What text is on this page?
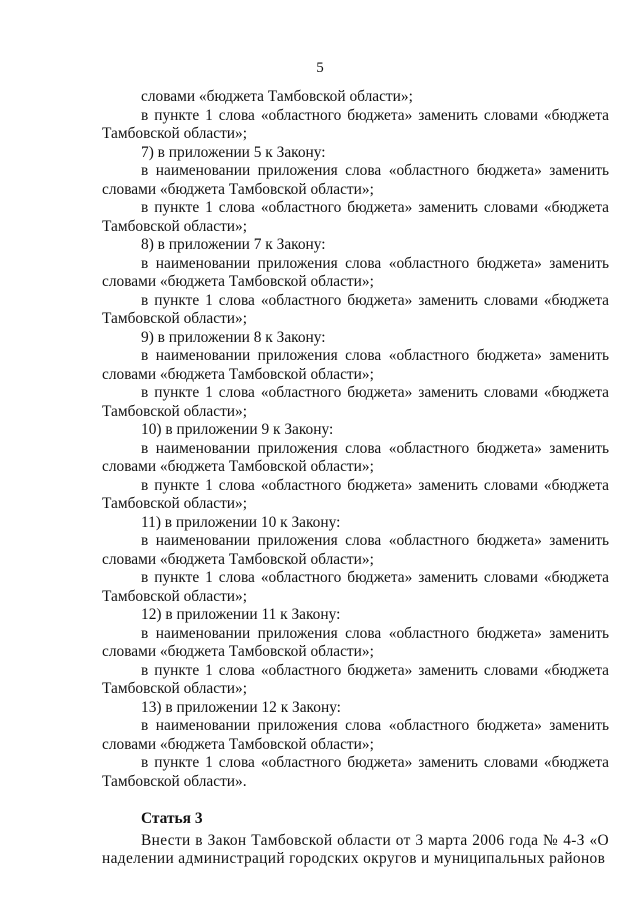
5

словами «бюджета Тамбовской области»;

в пункте 1 слова «областного бюджета» заменить словами «бюджета Тамбовской области»;

7) в приложении 5 к Закону:

в наименовании приложения слова «областного бюджета» заменить словами «бюджета Тамбовской области»;

в пункте 1 слова «областного бюджета» заменить словами «бюджета Тамбовской области»;

8) в приложении 7 к Закону:

в наименовании приложения слова «областного бюджета» заменить словами «бюджета Тамбовской области»;

в пункте 1 слова «областного бюджета» заменить словами «бюджета Тамбовской области»;

9) в приложении 8 к Закону:

в наименовании приложения слова «областного бюджета» заменить словами «бюджета Тамбовской области»;

в пункте 1 слова «областного бюджета» заменить словами «бюджета Тамбовской области»;

10) в приложении 9 к Закону:

в наименовании приложения слова «областного бюджета» заменить словами «бюджета Тамбовской области»;

в пункте 1 слова «областного бюджета» заменить словами «бюджета Тамбовской области»;

11) в приложении 10 к Закону:

в наименовании приложения слова «областного бюджета» заменить словами «бюджета Тамбовской области»;

в пункте 1 слова «областного бюджета» заменить словами «бюджета Тамбовской области»;

12) в приложении 11 к Закону:

в наименовании приложения слова «областного бюджета» заменить словами «бюджета Тамбовской области»;

в пункте 1 слова «областного бюджета» заменить словами «бюджета Тамбовской области»;

13) в приложении 12 к Закону:

в наименовании приложения слова «областного бюджета» заменить словами «бюджета Тамбовской области»;

в пункте 1 слова «областного бюджета» заменить словами «бюджета Тамбовской области».

Статья 3

Внести в Закон Тамбовской области от 3 марта 2006 года № 4-З «О наделении администраций городских округов и муниципальных районов
